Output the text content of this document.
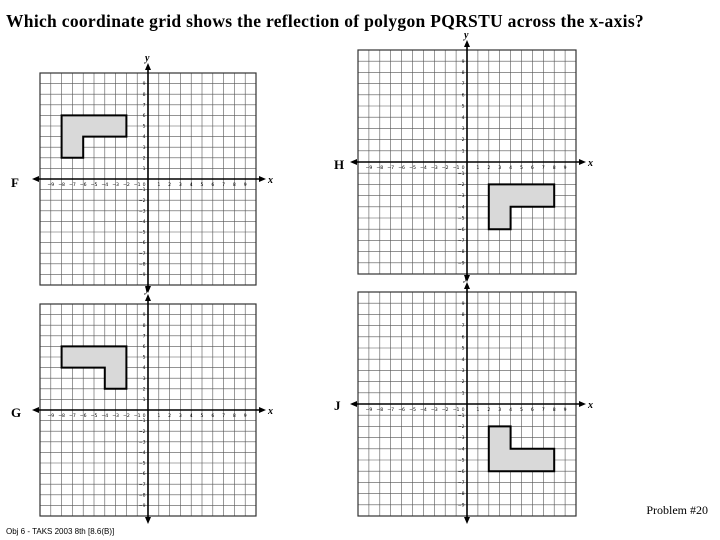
Which coordinate grid shows the reflection of polygon PQRSTU across the x-axis?
F	−9
−9
−8
−8
−7
−7
−6
−6
−5
−5
−4
−4
−3
−3
−2
−2
−1
−1
1
1
2
2
3
3
4
4
5
5
6
6
7
7
8
8
9
9
0	x
y
H	−9
−9
−8
−8
−7
−7
−6
−6
−5
−5
−4
−4
−3
−3
−2
−2
−1
−1
1
1
2
2
3
3
4
4
5
5
6
6
7
7
8
8
9
9
0	x
y
G	−9
−9
−8
−8
−7
−7
−6
−6
−5
−5
−4
−4
−3
−3
−2
−2
−1
−1
1
1
2
2
3
3
4
4
5
5
6
6
7
7
8
8
9
9
0	x
y
J	−9
−9
−8
−8
−7
−7
−6
−6
−5
−5
−4
−4
−3
−3
−2
−2
−1
−1
1
1
2
2
3
3
4
4
5
5
6
6
7
7
8
8
9
9
0	x
y
Problem #20
Obj 6 - TAKS 2003 8th [8.6(B)]
